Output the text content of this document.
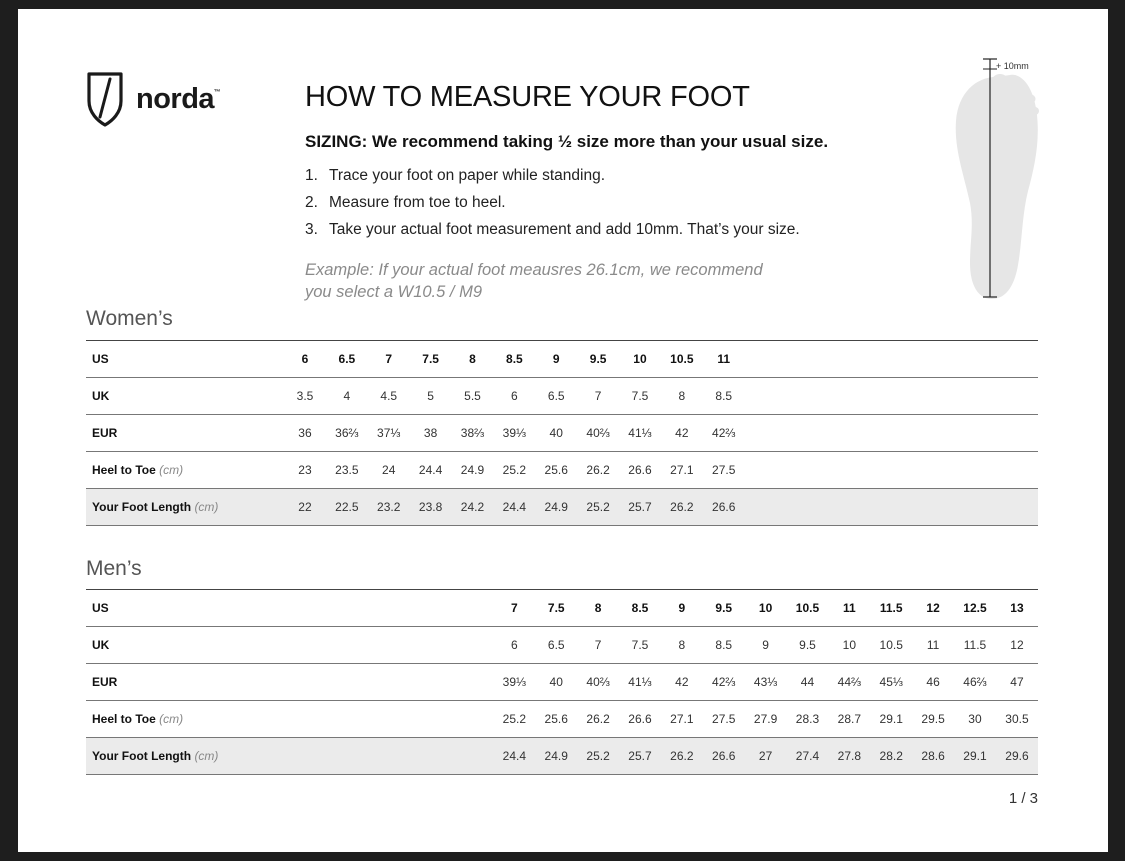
norda ™	HOW TO MEASURE YOUR FOOT
SIZING: We recommend taking ½ size more than your usual size.
1. Trace your foot on paper while standing.
2. Measure from toe to heel.
3. Take your actual foot measurement and add 10mm. That’s your size.
Example: If your actual foot meausres 26.1cm, we recommend
you select a W10.5 / M9
+ 10mm
Women’s
US	6	6.5	7	7.5	8	8.5	9	9.5	10	10.5	11							
UK	3.5	4	4.5	5	5.5	6	6.5	7	7.5	8	8.5							
EUR	36	36⅔	37⅓	38	38⅔	39⅓	40	40⅔	41⅓	42	42⅔							
Heel to Toe (cm)	23	23.5	24	24.4	24.9	25.2	25.6	26.2	26.6	27.1	27.5							
Your Foot Length (cm)	22	22.5	23.2	23.8	24.2	24.4	24.9	25.2	25.7	26.2	26.6							
Men’s
US						7	7.5	8	8.5	9	9.5	10	10.5	11	11.5	12	12.5	13
UK						6	6.5	7	7.5	8	8.5	9	9.5	10	10.5	11	11.5	12
EUR						39⅓	40	40⅔	41⅓	42	42⅔	43⅓	44	44⅔	45⅓	46	46⅔	47
Heel to Toe (cm)						25.2	25.6	26.2	26.6	27.1	27.5	27.9	28.3	28.7	29.1	29.5	30	30.5
Your Foot Length (cm)						24.4	24.9	25.2	25.7	26.2	26.6	27	27.4	27.8	28.2	28.6	29.1	29.6
1 / 3
